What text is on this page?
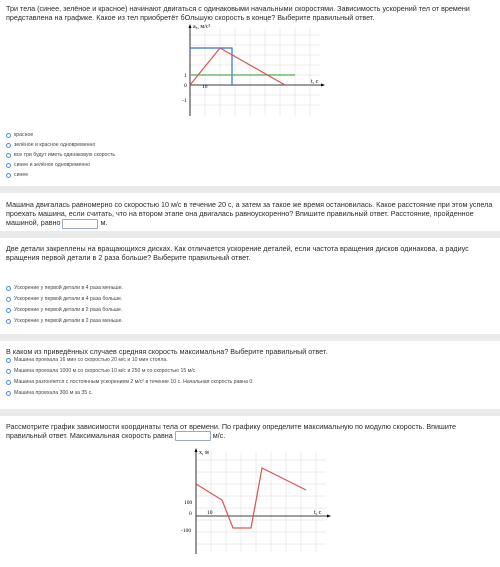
Три тела (синее, зелёное и красное) начинают двигаться с одинаковыми начальными скоростями. Зависимость ускорений тел от времени представлена на графике. Какое из тел приобретёт бОльшую скорость в конце? Выберите правильный ответ.

aₓ, м/с²
t, c
1
0	10
-1
красное
зелёное и красное одновременно
все три будут иметь одинаковую скорость
синее и зелёное одновременно
синее

Машина двигалась равномерно со скоростью 10 м/с в течение 20 с, а затем за такое же время остановилась. Какое расстояние при этом успела проехать машина, если считать, что на втором этапе она двигалась равноускоренно? Впишите правильный ответ. Расстояние, пройденное машиной, равно	м.

Две детали закреплены на вращающихся дисках. Как отличается ускорение деталей, если частота вращения дисков одинакова, а радиус вращения первой детали в 2 раза больше? Выберите правильный ответ.

Ускорение у первой детали в 4 раза меньше.
Ускорение у первой детали в 4 раза больше.
Ускорение у первой детали в 2 раза больше.
Ускорение у первой детали в 2 раза меньше.

В каком из приведённых случаев средняя скорость максимальна? Выберите правильный ответ.

Машина проехала 16 мин со скоростью 20 м/с и 10 мин стояла.
Машина проехала 1000 м со скоростью 10 м/с и 250 м со скоростью 15 м/с.
Машина разгоняется с постоянным ускорением 2 м/с² в течение 10 с. Начальная скорость равна 0.
Машина проехала 300 м за 35 с.

Рассмотрите график зависимости координаты тела от времени. По графику определите максимальную по модулю скорость. Впишите правильный ответ. Максимальная скорость равна	м/с.

x, м
t, c
100
0	10
-100
